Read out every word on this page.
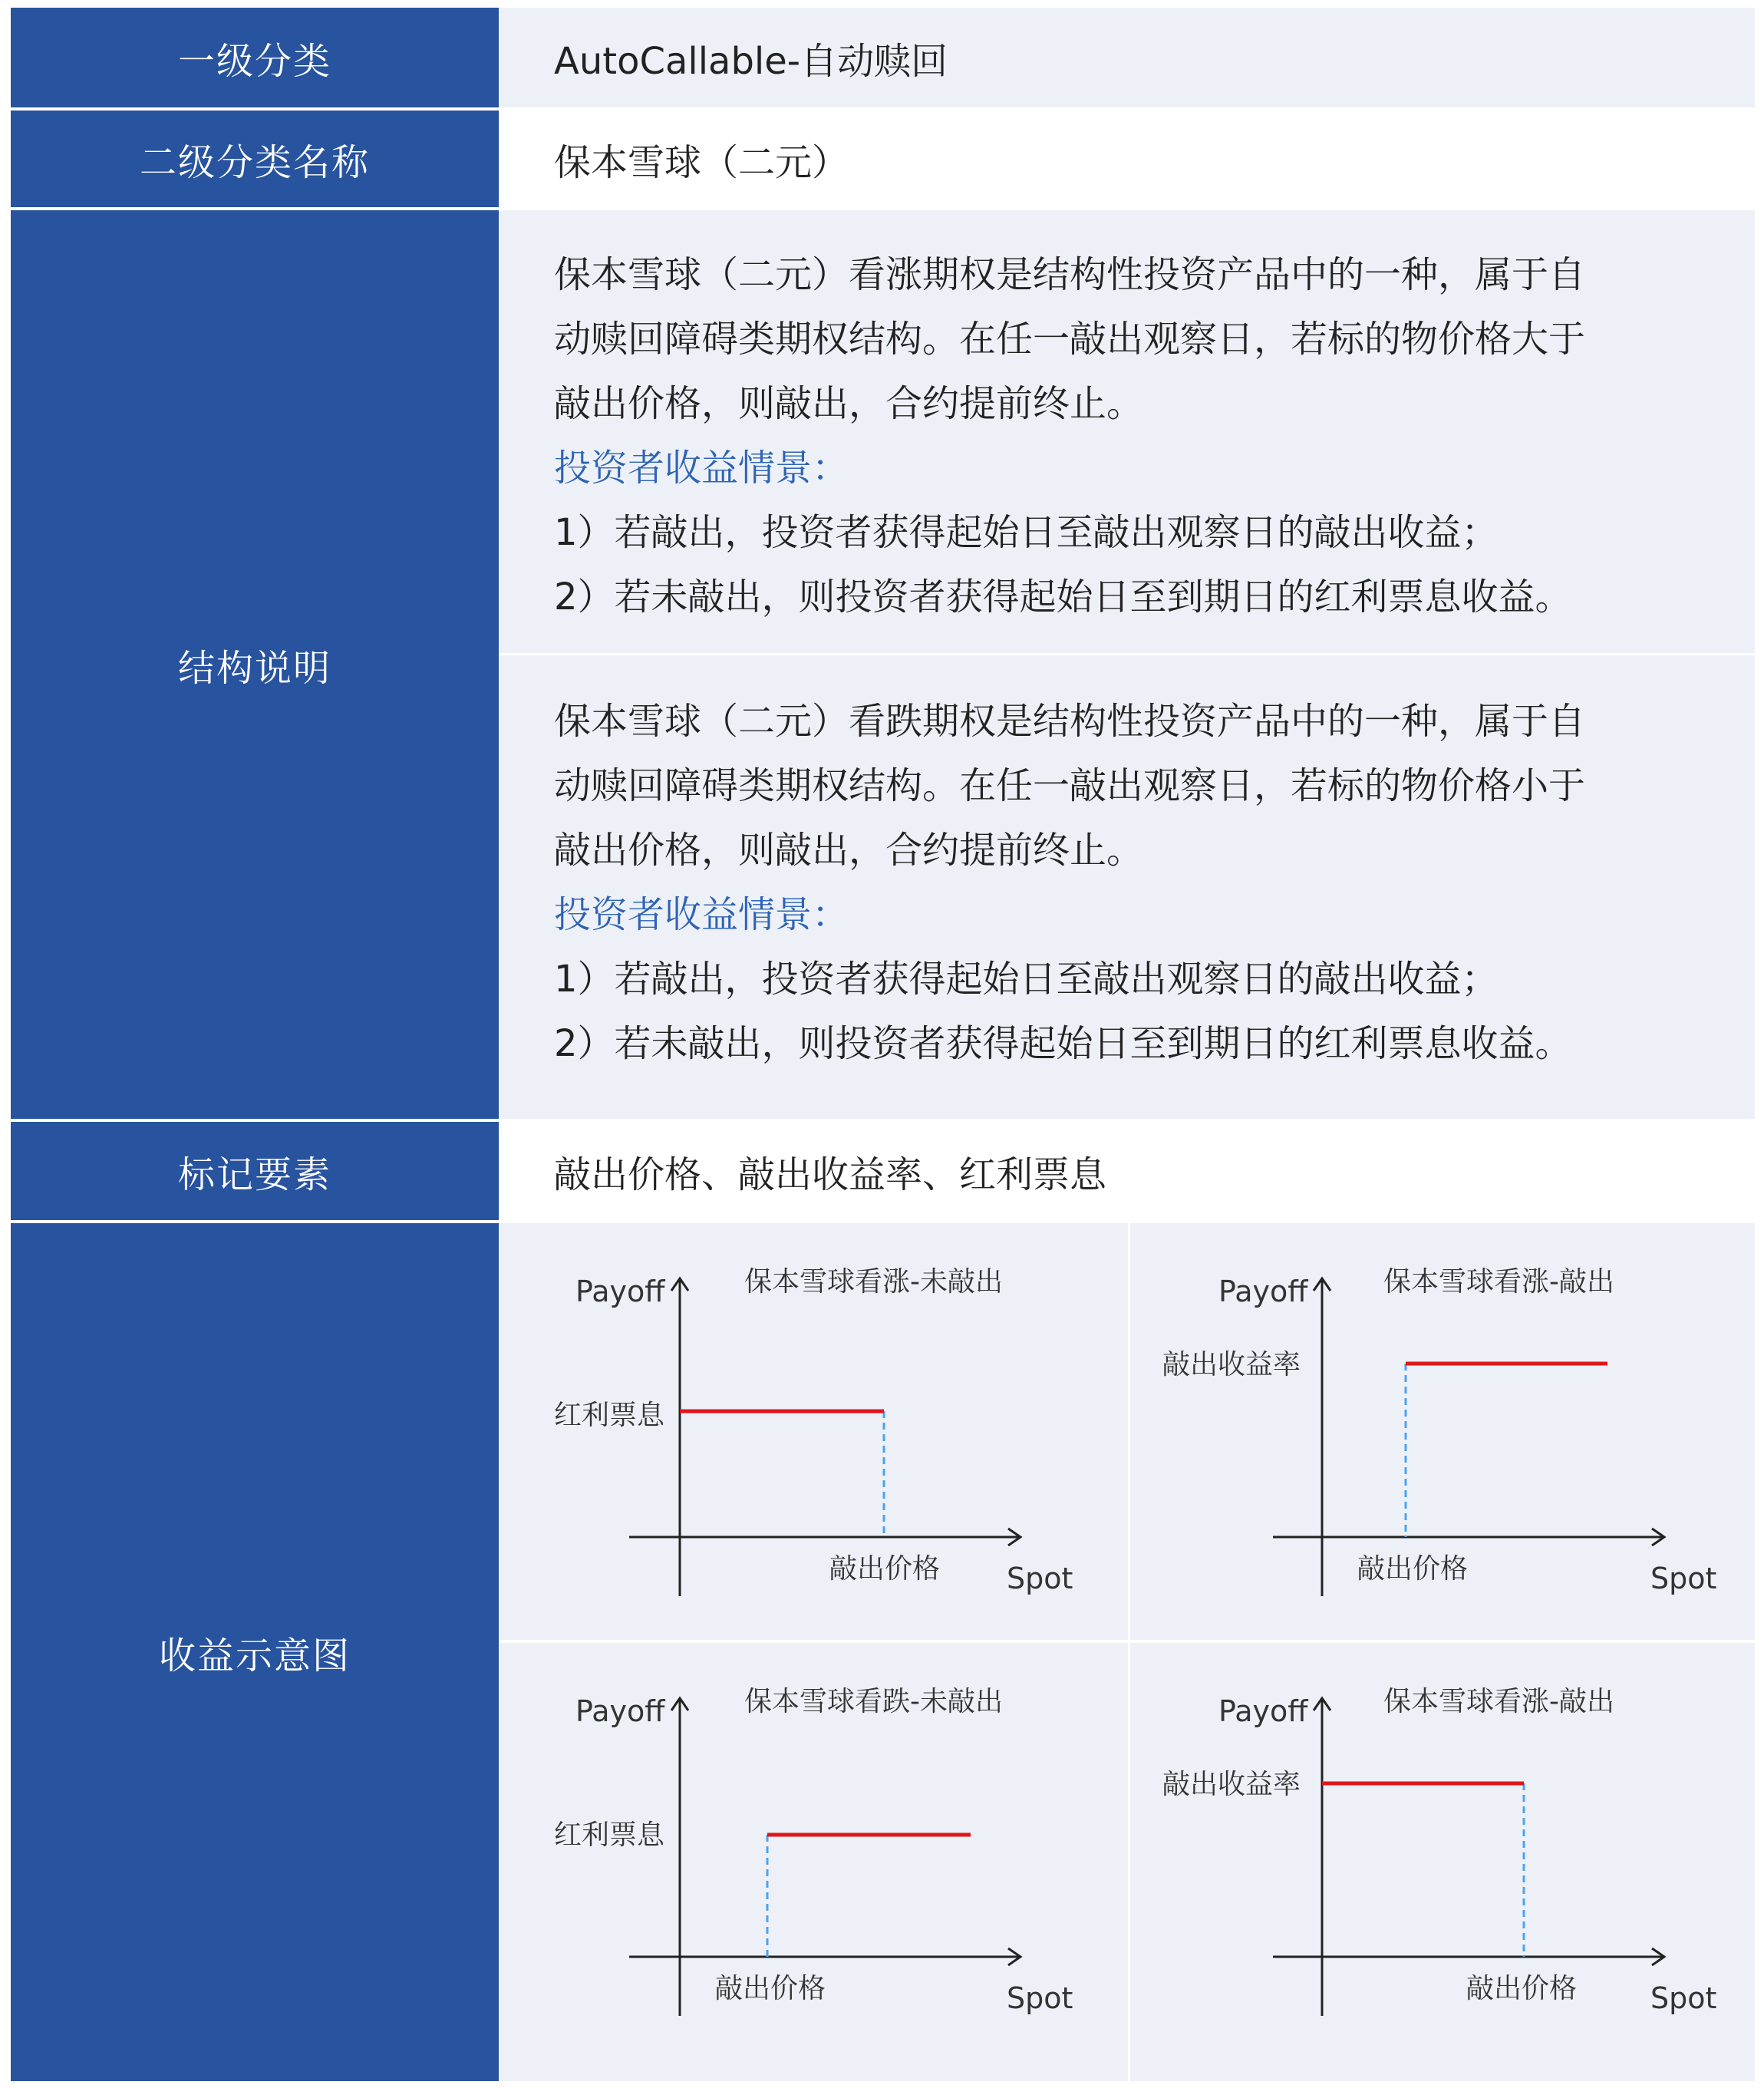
一级分类	AutoCallable-自动赎回
二级分类名称	保本雪球（二元）
结构说明

保本雪球（二元）看涨期权是结构性投资产品中的一种，属于自

动赎回障碍类期权结构。在任一敲出观察日，若标的物价格大于

敲出价格，则敲出，合约提前终止。

投资者收益情景：

1）若敲出，投资者获得起始日至敲出观察日的敲出收益；

2）若未敲出，则投资者获得起始日至到期日的红利票息收益。

保本雪球（二元）看跌期权是结构性投资产品中的一种，属于自

动赎回障碍类期权结构。在任一敲出观察日，若标的物价格小于

敲出价格，则敲出，合约提前终止。

投资者收益情景：

1）若敲出，投资者获得起始日至敲出观察日的敲出收益；

2）若未敲出，则投资者获得起始日至到期日的红利票息收益。

标记要素	敲出价格、敲出收益率、红利票息
收益示意图
保本雪球看涨-未敲出
Payoff
Spot
红利票息
敲出价格
保本雪球看涨-敲出
Payoff
Spot
敲出收益率
敲出价格
保本雪球看跌-未敲出
Payoff
Spot
红利票息
敲出价格
保本雪球看涨-敲出
Payoff
Spot
敲出收益率
敲出价格
